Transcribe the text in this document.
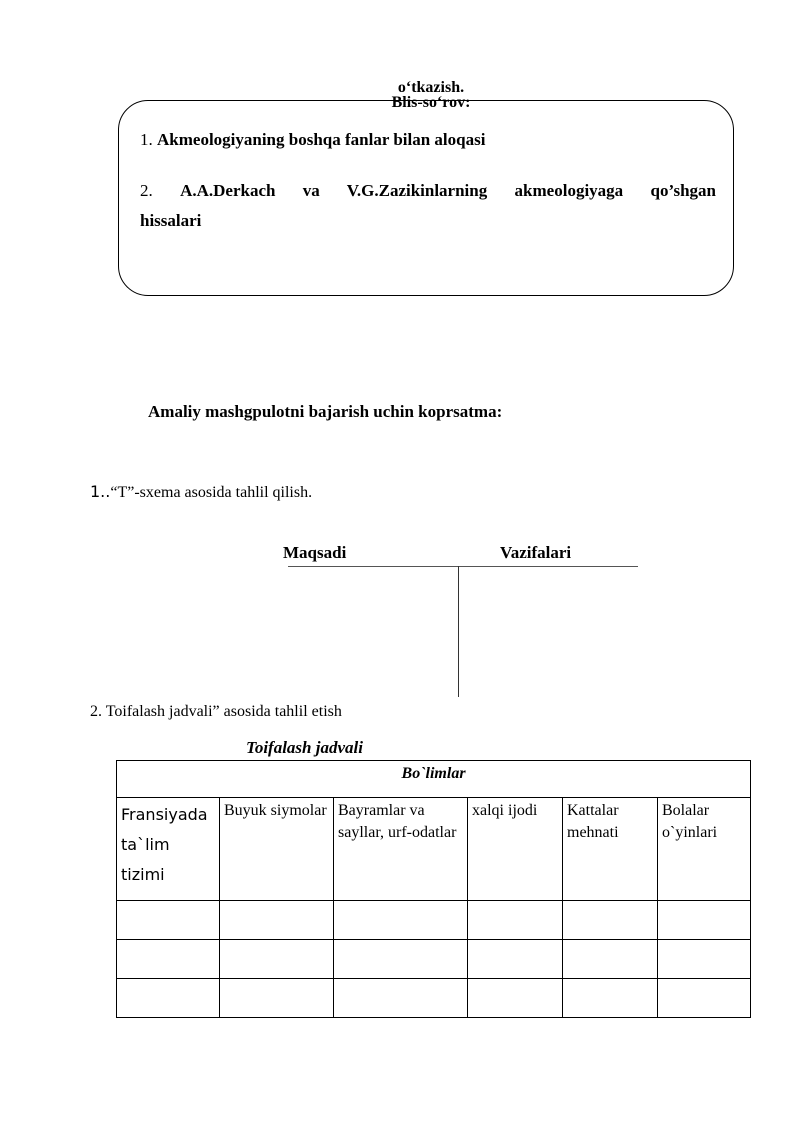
o‘tkazish.
Blis-so‘rov:
1. Akmeologiyaning boshqa fanlar bilan aloqasi
2. A.A.Derkach va V.G.Zazikinlarning akmeologiyaga qo’shgan
hissalari
Amaliy mashgpulotni bajarish uchin koprsatma:
1..“T”-sxema asosida tahlil qilish.
Maqsadi	Vazifalari
2. Toifalash jadvali” asosida tahlil etish
Toifalash jadvali
Bo`limlar					
Fransiyada ta`lim tizimi	Buyuk siymolar	Bayramlar va sayllar, urf-odatlar	xalqi ijodi	Kattalar mehnati	Bolalar o`yinlari
